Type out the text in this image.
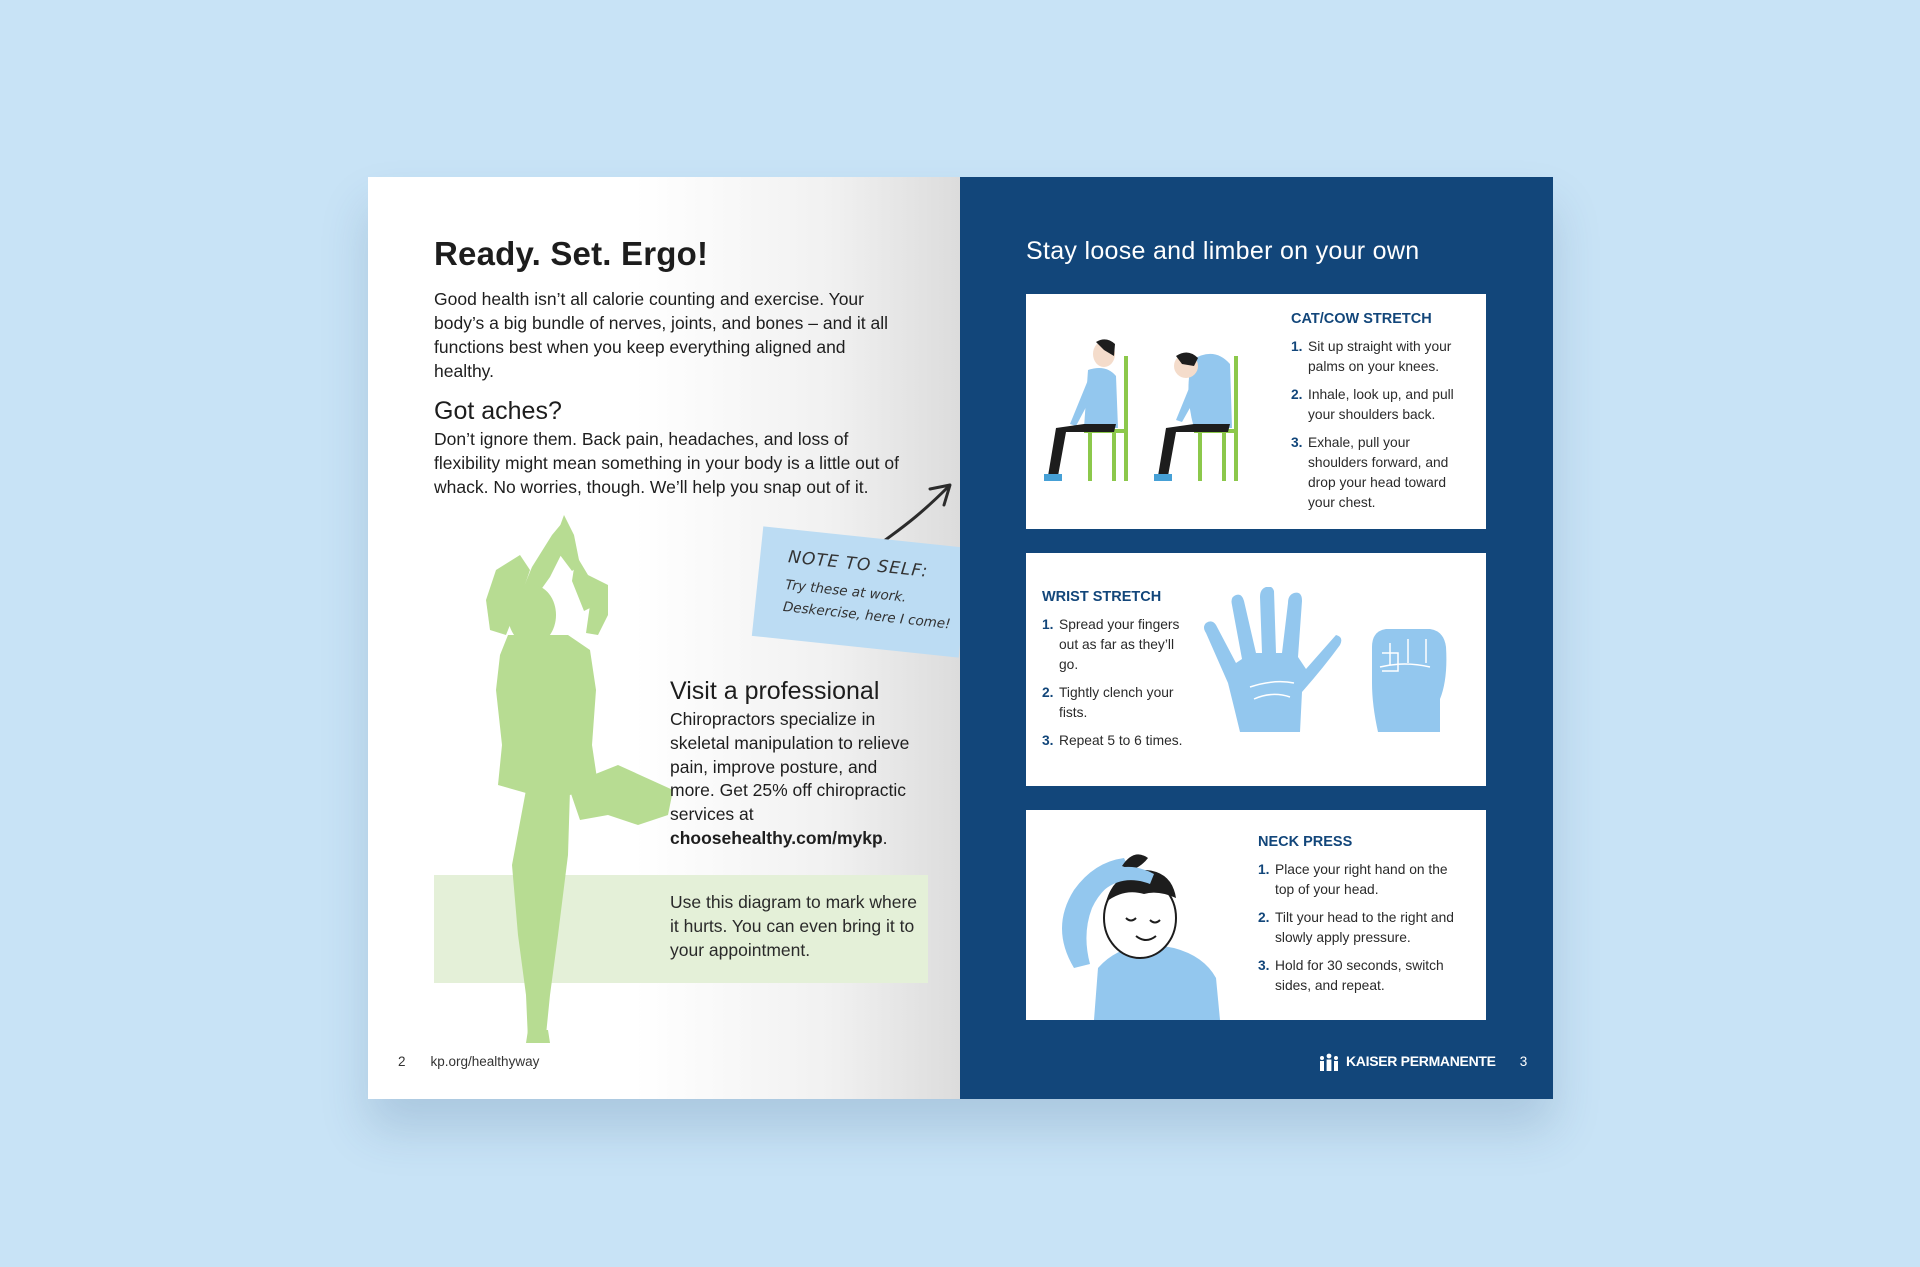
Ready. Set. Ergo!
Good health isn’t all calorie counting and exercise. Your body’s a big bundle of nerves, joints, and bones – and it all functions best when you keep everything aligned and healthy.
Got aches?
Don’t ignore them. Back pain, headaches, and loss of flexibility might mean something in your body is a little out of whack. No worries, though. We’ll help you snap out of it.
Visit a professional
Chiropractors specialize in skeletal manipulation to relieve pain, improve posture, and more. Get 25% off chiropractic services at choosehealthy.com/mykp.
Use this diagram to mark where it hurts. You can even bring it to your appointment.
NOTE TO SELF:
Try these at work.
Deskercise, here I come!
2 kp.org/healthyway
Stay loose and limber on your own
CAT/COW STRETCH
1. Sit up straight with your palms on your knees.
2. Inhale, look up, and pull your shoulders back.
3. Exhale, pull your shoulders forward, and drop your head toward your chest.
WRIST STRETCH
1. Spread your fingers out as far as they’ll go.
2. Tightly clench your fists.
3. Repeat 5 to 6 times.
NECK PRESS
1. Place your right hand on the top of your head.
2. Tilt your head to the right and slowly apply pressure.
3. Hold for 30 seconds, switch sides, and repeat.
KAISER PERMANENTE 3
